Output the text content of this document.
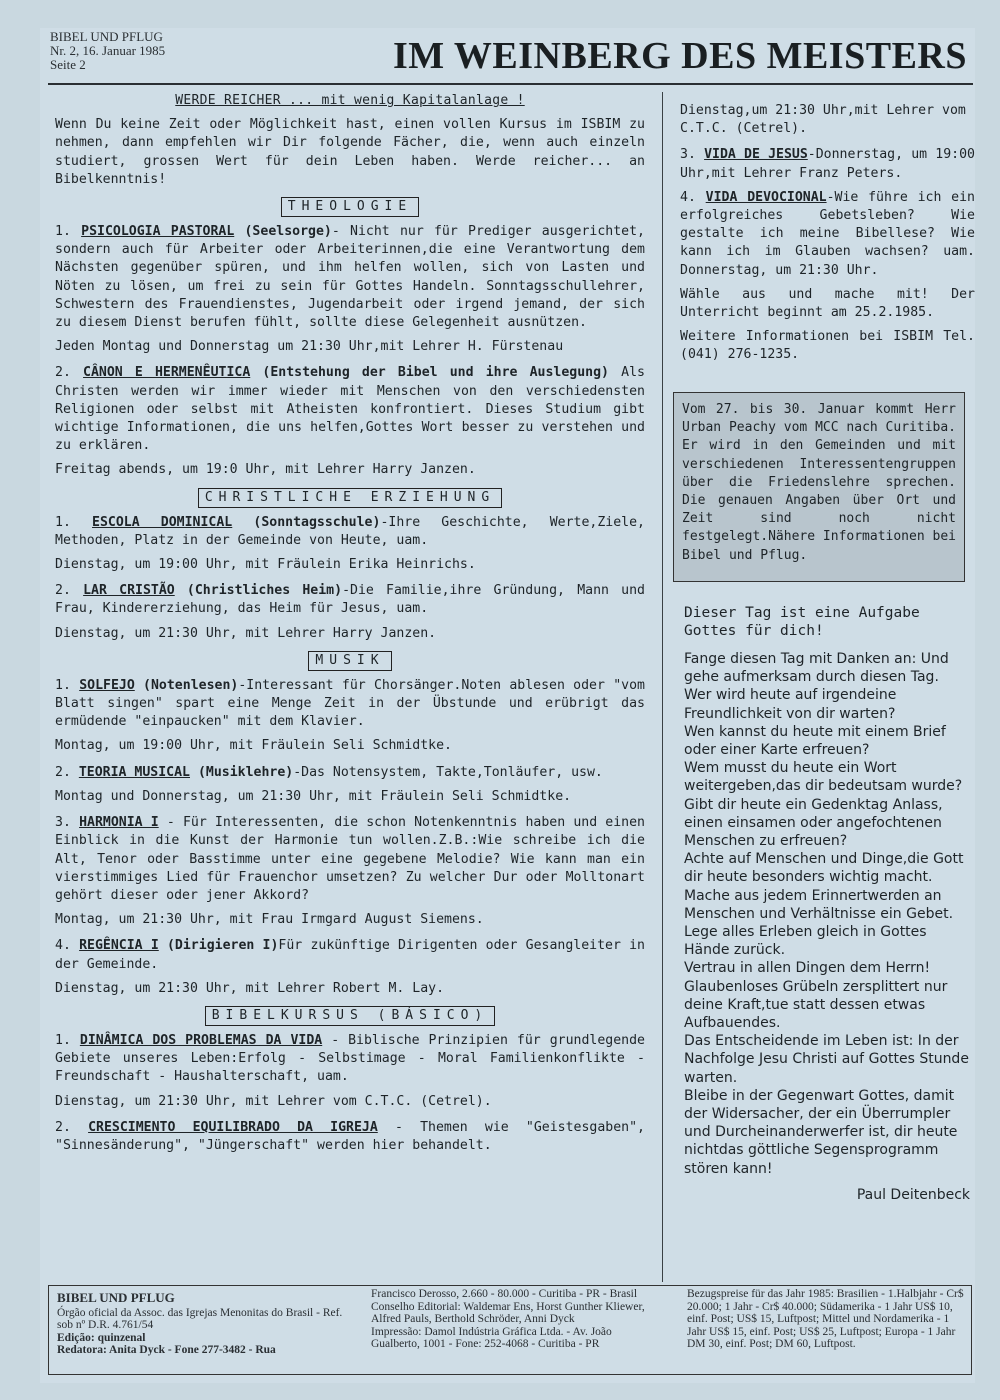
BIBEL UND PFLUG
Nr. 2, 16. Januar 1985
Seite 2	IM WEINBERG DES MEISTERS
WERDE REICHER ... mit wenig Kapitalanlage !

Wenn Du keine Zeit oder Möglichkeit hast, einen vollen Kursus im ISBIM zu nehmen, dann empfehlen wir Dir folgende Fächer, die, wenn auch einzeln studiert, grossen Wert für dein Leben haben. Werde reicher... an Bibelkenntnis!

THEOLOGIE

1. PSICOLOGIA PASTORAL (Seelsorge)- Nicht nur für Prediger ausgerichtet, sondern auch für Arbeiter oder Arbeiterinnen,die eine Verantwortung dem Nächsten gegenüber spüren, und ihm helfen wollen, sich von Lasten und Nöten zu lösen, um frei zu sein für Gottes Handeln. Sonntagsschullehrer, Schwestern des Frauendienstes, Jugendarbeit oder irgend jemand, der sich zu diesem Dienst berufen fühlt, sollte diese Gelegenheit ausnützen.

Jeden Montag und Donnerstag um 21:30 Uhr,mit Lehrer H. Fürstenau

2. CÂNON E HERMENÊUTICA (Entstehung der Bibel und ihre Auslegung) Als Christen werden wir immer wieder mit Menschen von den verschiedensten Religionen oder selbst mit Atheisten konfrontiert. Dieses Studium gibt wichtige Informationen, die uns helfen,Gottes Wort besser zu verstehen und zu erklären.

Freitag abends, um 19:0 Uhr, mit Lehrer Harry Janzen.

CHRISTLICHE ERZIEHUNG

1. ESCOLA DOMINICAL (Sonntagsschule)-Ihre Geschichte, Werte,Ziele, Methoden, Platz in der Gemeinde von Heute, uam.

Dienstag, um 19:00 Uhr, mit Fräulein Erika Heinrichs.

2. LAR CRISTÃO (Christliches Heim)-Die Familie,ihre Gründung, Mann und Frau, Kindererziehung, das Heim für Jesus, uam.

Dienstag, um 21:30 Uhr, mit Lehrer Harry Janzen.

MUSIK

1. SOLFEJO (Notenlesen)-Interessant für Chorsänger.Noten ablesen oder "vom Blatt singen" spart eine Menge Zeit in der Übstunde und erübrigt das ermüdende "einpaucken" mit dem Klavier.

Montag, um 19:00 Uhr, mit Fräulein Seli Schmidtke.

2. TEORIA MUSICAL (Musiklehre)-Das Notensystem, Takte,Tonläufer, usw.

Montag und Donnerstag, um 21:30 Uhr, mit Fräulein Seli Schmidtke.

3. HARMONIA I - Für Interessenten, die schon Notenkenntnis haben und einen Einblick in die Kunst der Harmonie tun wollen.Z.B.:Wie schreibe ich die Alt, Tenor oder Basstimme unter eine gegebene Melodie? Wie kann man ein vierstimmiges Lied für Frauenchor umsetzen? Zu welcher Dur oder Molltonart gehört dieser oder jener Akkord?

Montag, um 21:30 Uhr, mit Frau Irmgard August Siemens.

4. REGÊNCIA I (Dirigieren I)Für zukünftige Dirigenten oder Gesangleiter in der Gemeinde.

Dienstag, um 21:30 Uhr, mit Lehrer Robert M. Lay.

BIBELKURSUS (BÁSICO)

1. DINÂMICA DOS PROBLEMAS DA VIDA - Biblische Prinzipien für grundlegende Gebiete unseres Leben:Erfolg - Selbstimage - Moral Familienkonflikte - Freundschaft - Haushalterschaft, uam.

Dienstag, um 21:30 Uhr, mit Lehrer vom C.T.C. (Cetrel).

2. CRESCIMENTO EQUILIBRADO DA IGREJA - Themen wie "Geistesgaben", "Sinnesänderung", "Jüngerschaft" werden hier behandelt.

Dienstag,um 21:30 Uhr,mit Lehrer vom C.T.C. (Cetrel).

3. VIDA DE JESUS-Donnerstag, um 19:00 Uhr,mit Lehrer Franz Peters.

4. VIDA DEVOCIONAL-Wie führe ich ein erfolgreiches Gebetsleben? Wie gestalte ich meine Bibellese? Wie kann ich im Glauben wachsen? uam. Donnerstag, um 21:30 Uhr.

Wähle aus und mache mit! Der Unterricht beginnt am 25.2.1985.

Weitere Informationen bei ISBIM Tel. (041) 276-1235.

Vom 27. bis 30. Januar kommt Herr Urban Peachy vom MCC nach Curitiba. Er wird in den Gemeinden und mit verschiedenen Interessentengruppen über die Friedenslehre sprechen. Die genauen Angaben über Ort und Zeit sind noch nicht festgelegt.Nähere Informationen bei Bibel und Pflug.
Dieser Tag ist eine Aufgabe Gottes für dich!

Fange diesen Tag mit Danken an: Und gehe aufmerksam durch diesen Tag.

Wer wird heute auf irgendeine Freundlichkeit von dir warten?

Wen kannst du heute mit einem Brief oder einer Karte erfreuen?

Wem musst du heute ein Wort weitergeben,das dir bedeutsam wurde?

Gibt dir heute ein Gedenktag Anlass, einen einsamen oder angefochtenen Menschen zu erfreuen?

Achte auf Menschen und Dinge,die Gott dir heute besonders wichtig macht.

Mache aus jedem Erinnertwerden an Menschen und Verhältnisse ein Gebet.

Lege alles Erleben gleich in Gottes Hände zurück.

Vertrau in allen Dingen dem Herrn! Glaubenloses Grübeln zersplittert nur deine Kraft,tue statt dessen etwas Aufbauendes.

Das Entscheidende im Leben ist: In der Nachfolge Jesu Christi auf Gottes Stunde warten.

Bleibe in der Gegenwart Gottes, damit der Widersacher, der ein Überrumpler und Durcheinanderwerfer ist, dir heute nichtdas göttliche Segensprogramm stören kann!

Paul Deitenbeck
BIBEL UND PFLUG
Órgão oficial da Assoc. das Igrejas Menonitas do Brasil - Ref. sob nº D.R. 4.761/54
Edição: quinzenal
Redatora: Anita Dyck - Fone 277-3482 - Rua
Francisco Derosso, 2.660 - 80.000 - Curitiba - PR - Brasil
Conselho Editorial: Waldemar Ens, Horst Gunther Kliewer, Alfred Pauls, Berthold Schröder, Anni Dyck
Impressão: Damol Indústria Gráfica Ltda. - Av. João Gualberto, 1001 - Fone: 252-4068 - Curitiba - PR
Bezugspreise für das Jahr 1985: Brasilien - 1.Halbjahr - Cr$ 20.000; 1 Jahr - Cr$ 40.000; Südamerika - 1 Jahr US$ 10, einf. Post; US$ 15, Luftpost; Mittel und Nordamerika - 1 Jahr US$ 15, einf. Post; US$ 25, Luftpost; Europa - 1 Jahr DM 30, einf. Post; DM 60, Luftpost.
